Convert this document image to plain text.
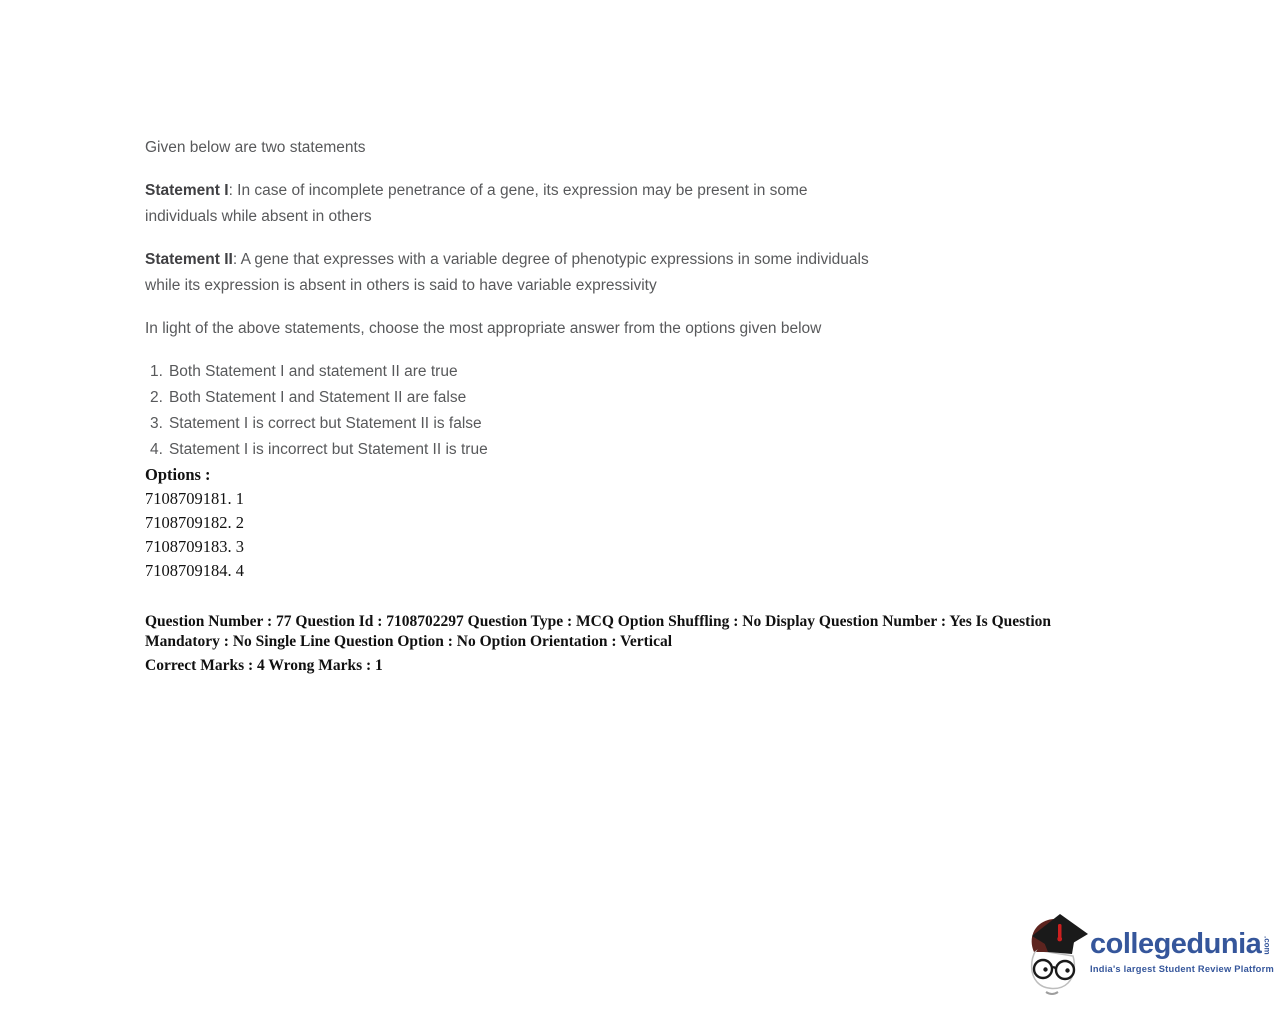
Given below are two statements

Statement I: In case of incomplete penetrance of a gene, its expression may be present in some individuals while absent in others

Statement II: A gene that expresses with a variable degree of phenotypic expressions in some individuals while its expression is absent in others is said to have variable expressivity

In light of the above statements, choose the most appropriate answer from the options given below

1. Both Statement I and statement II are true
2. Both Statement I and Statement II are false
3. Statement I is correct but Statement II is false
4. Statement I is incorrect but Statement II is true
Options :
7108709181. 1
7108709182. 2
7108709183. 3
7108709184. 4

Question Number : 77 Question Id : 7108702297 Question Type : MCQ Option Shuffling : No Display Question Number : Yes Is Question Mandatory : No Single Line Question Option : No Option Orientation : Vertical

Correct Marks : 4 Wrong Marks : 1

collegedunia .com
India's largest Student Review Platform
